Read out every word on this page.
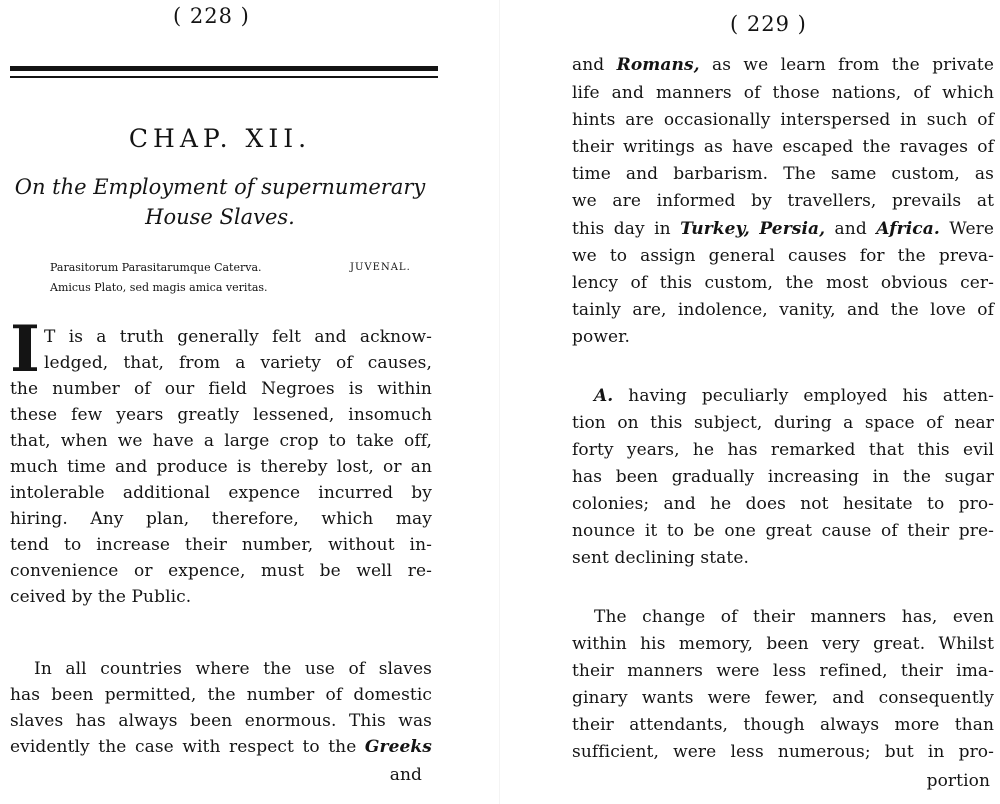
( 228 )
CHAP. XII.
On the Employment of supernumerary
House Slaves.
Parasitorum Parasitarumque Caterva.	JUVENAL.
Amicus Plato, sed magis amica veritas.
I T is a truth generally felt and acknow-
ledged, that, from a variety of causes,
the number of our field Negroes is within
these few years greatly lessened, insomuch
that, when we have a large crop to take off,
much time and produce is thereby lost, or an
intolerable additional expence incurred by
hiring. Any plan, therefore, which may
tend to increase their number, without in-
convenience or expence, must be well re-
ceived by the Public.
In all countries where the use of slaves
has been permitted, the number of domestic
slaves has always been enormous. This was
evidently the case with respect to the Greeks
and
( 229 )
and Romans, as we learn from the private
life and manners of those nations, of which
hints are occasionally interspersed in such of
their writings as have escaped the ravages of
time and barbarism. The same custom, as
we are informed by travellers, prevails at
this day in Turkey, Persia, and Africa. Were
we to assign general causes for the preva-
lency of this custom, the most obvious cer-
tainly are, indolence, vanity, and the love of
power.
A. having peculiarly employed his atten-
tion on this subject, during a space of near
forty years, he has remarked that this evil
has been gradually increasing in the sugar
colonies; and he does not hesitate to pro-
nounce it to be one great cause of their pre-
sent declining state.
The change of their manners has, even
within his memory, been very great. Whilst
their manners were less refined, their ima-
ginary wants were fewer, and consequently
their attendants, though always more than
sufficient, were less numerous; but in pro-
portion
